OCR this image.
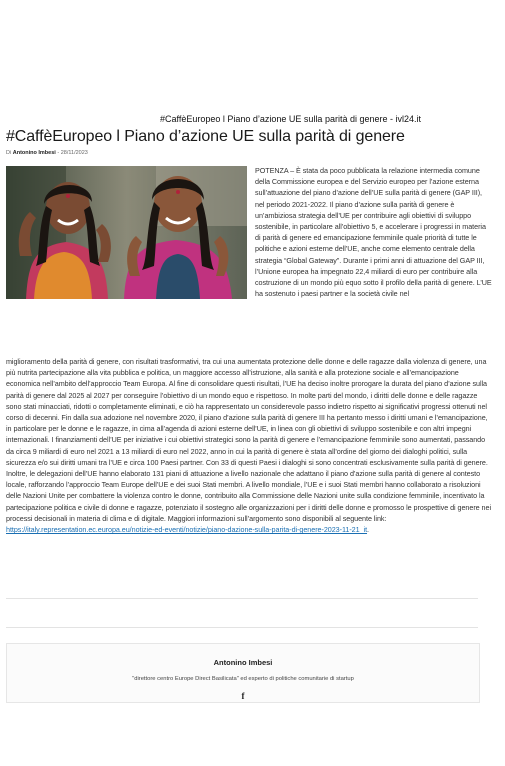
#CaffèEuropeo l Piano d’azione UE sulla parità di genere - ivl24.it
#CaffèEuropeo l Piano d’azione UE sulla parità di genere
Di Antonino Imbesi - 28/11/2023

POTENZA – È stata da poco pubblicata la relazione intermedia comune della Commissione europea e del Servizio europeo per l’azione esterna sull’attuazione del piano d’azione dell’UE sulla parità di genere (GAP III), nel periodo 2021-2022. Il piano d’azione sulla parità di genere è un’ambiziosa strategia dell’UE per contribuire agli obiettivi di sviluppo sostenibile, in particolare all’obiettivo 5, e accelerare i progressi in materia di parità di genere ed emancipazione femminile quale priorità di tutte le politiche e azioni esterne dell’UE, anche come elemento centrale della strategia “Global Gateway”. Durante i primi anni di attuazione del GAP III, l’Unione europea ha impegnato 22,4 miliardi di euro per contribuire alla costruzione di un mondo più equo sotto il profilo della parità di genere. L’UE ha sostenuto i paesi partner e la società civile nel

miglioramento della parità di genere, con risultati trasformativi, tra cui una aumentata protezione delle donne e delle ragazze dalla violenza di genere, una più nutrita partecipazione alla vita pubblica e politica, un maggiore accesso all’istruzione, alla sanità e alla protezione sociale e all’emancipazione economica nell’ambito dell’approccio Team Europa. Al fine di consolidare questi risultati, l’UE ha deciso inoltre prorogare la durata del piano d’azione sulla parità di genere dal 2025 al 2027 per conseguire l’obiettivo di un mondo equo e rispettoso. In molte parti del mondo, i diritti delle donne e delle ragazze sono stati minacciati, ridotti o completamente eliminati, e ciò ha rappresentato un considerevole passo indietro rispetto ai significativi progressi ottenuti nel corso di decenni. Fin dalla sua adozione nel novembre 2020, il piano d’azione sulla parità di genere III ha pertanto messo i diritti umani e l’emancipazione, in particolare per le donne e le ragazze, in cima all’agenda di azioni esterne dell’UE, in linea con gli obiettivi di sviluppo sostenibile e con altri impegni internazionali. I finanziamenti dell’UE per iniziative i cui obiettivi strategici sono la parità di genere e l’emancipazione femminile sono aumentati, passando da circa 9 miliardi di euro nel 2021 a 13 miliardi di euro nel 2022, anno in cui la parità di genere è stata all’ordine del giorno dei dialoghi politici, sulla sicurezza e/o sui diritti umani tra l’UE e circa 100 Paesi partner. Con 33 di questi Paesi i dialoghi si sono concentrati esclusivamente sulla parità di genere. Inoltre, le delegazioni dell’UE hanno elaborato 131 piani di attuazione a livello nazionale che adattano il piano d’azione sulla parità di genere al contesto locale, rafforzando l’approccio Team Europe dell’UE e dei suoi Stati membri. A livello mondiale, l’UE e i suoi Stati membri hanno collaborato a risoluzioni delle Nazioni Unite per combattere la violenza contro le donne, contribuito alla Commissione delle Nazioni unite sulla condizione femminile, incentivato la partecipazione politica e civile di donne e ragazze, potenziato il sostegno alle organizzazioni per i diritti delle donne e promosso le prospettive di genere nei processi decisionali in materia di clima e di digitale. Maggiori informazioni sull’argomento sono disponibili al seguente link: https://italy.representation.ec.europa.eu/notizie-ed-eventi/notizie/piano-dazione-sulla-parita-di-genere-2023-11-21_it.

Antonino Imbesi
"direttore centro Europe Direct Basilicata" ed esperto di politiche comunitarie di startup
f
